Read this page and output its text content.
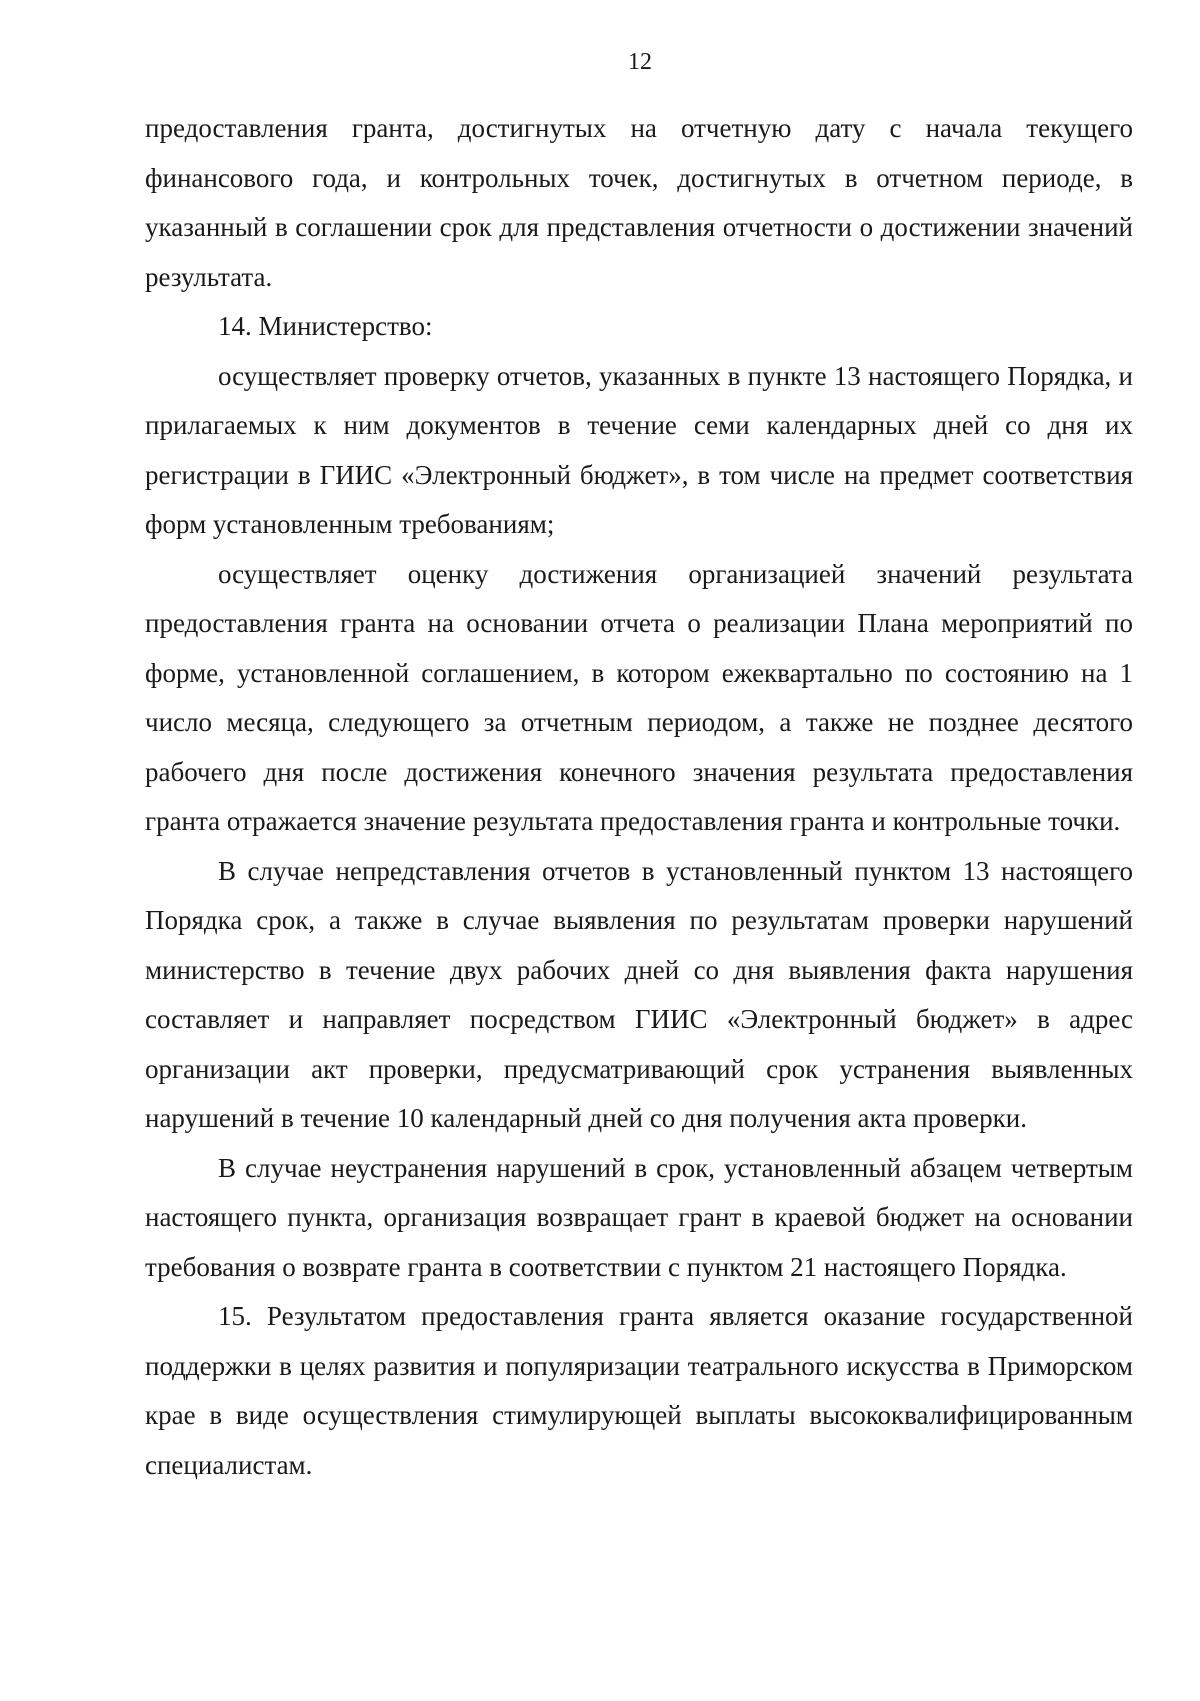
12

предоставления гранта, достигнутых на отчетную дату с начала текущего финансового года, и контрольных точек, достигнутых в отчетном периоде, в указанный в соглашении срок для представления отчетности о достижении значений результата.

14. Министерство:

осуществляет проверку отчетов, указанных в пункте 13 настоящего Порядка, и прилагаемых к ним документов в течение семи календарных дней со дня их регистрации в ГИИС «Электронный бюджет», в том числе на предмет соответствия форм установленным требованиям;

осуществляет оценку достижения организацией значений результата предоставления гранта на основании отчета о реализации Плана мероприятий по форме, установленной соглашением, в котором ежеквартально по состоянию на 1 число месяца, следующего за отчетным периодом, а также не позднее десятого рабочего дня после достижения конечного значения результата предоставления гранта отражается значение результата предоставления гранта и контрольные точки.

В случае непредставления отчетов в установленный пунктом 13 настоящего Порядка срок, а также в случае выявления по результатам проверки нарушений министерство в течение двух рабочих дней со дня выявления факта нарушения составляет и направляет посредством ГИИС «Электронный бюджет» в адрес организации акт проверки, предусматривающий срок устранения выявленных нарушений в течение 10 календарный дней со дня получения акта проверки.

В случае неустранения нарушений в срок, установленный абзацем четвертым настоящего пункта, организация возвращает грант в краевой бюджет на основании требования о возврате гранта в соответствии с пунктом 21 настоящего Порядка.

15. Результатом предоставления гранта является оказание государственной поддержки в целях развития и популяризации театрального искусства в Приморском крае в виде осуществления стимулирующей выплаты высококвалифицированным специалистам.
